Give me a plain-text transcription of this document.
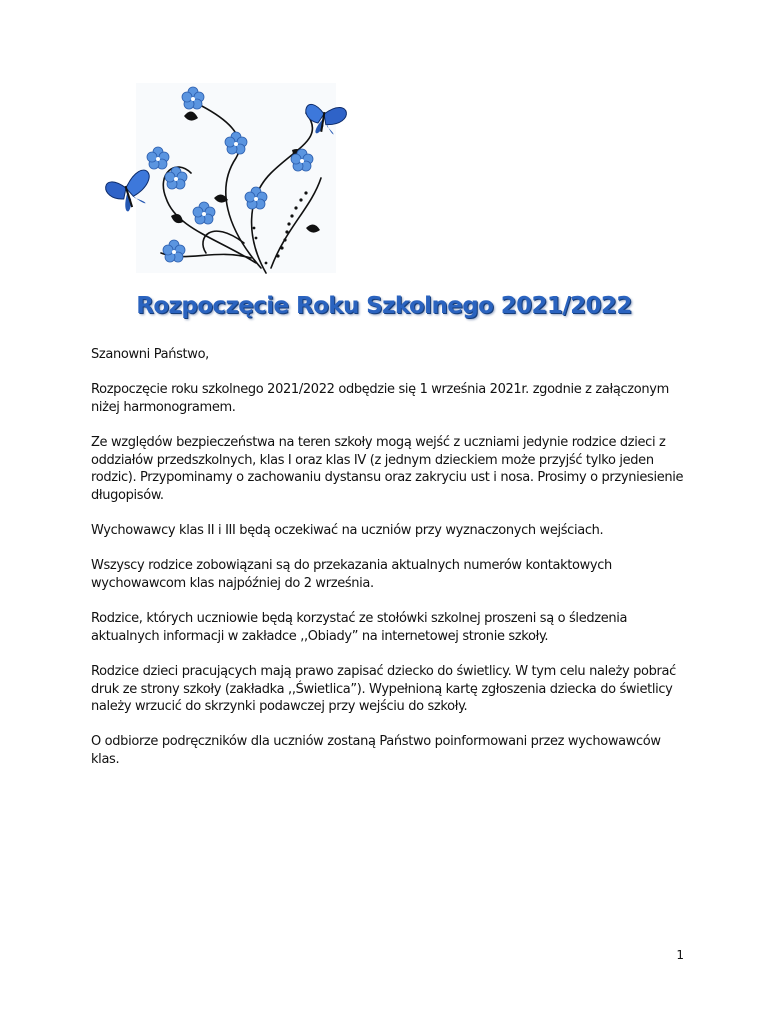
Rozpoczęcie Roku Szkolnego 2021/2022

Szanowni Państwo,

Rozpoczęcie roku szkolnego 2021/2022 odbędzie się 1 września 2021r. zgodnie z załączonym niżej harmonogramem.

Ze względów bezpieczeństwa na teren szkoły mogą wejść z uczniami jedynie rodzice dzieci z oddziałów przedszkolnych, klas I oraz klas IV (z jednym dzieckiem może przyjść tylko jeden rodzic). Przypominamy o zachowaniu dystansu oraz zakryciu ust i nosa. Prosimy o przyniesienie długopisów.

Wychowawcy klas II i III będą oczekiwać na uczniów przy wyznaczonych wejściach.

Wszyscy rodzice zobowiązani są do przekazania aktualnych numerów kontaktowych wychowawcom klas najpóźniej do 2 września.

Rodzice, których uczniowie będą korzystać ze stołówki szkolnej proszeni są o śledzenia aktualnych informacji w zakładce ,,Obiady” na internetowej stronie szkoły.

Rodzice dzieci pracujących mają prawo zapisać dziecko do świetlicy. W tym celu należy pobrać druk ze strony szkoły (zakładka ,,Świetlica”). Wypełnioną kartę zgłoszenia dziecka do świetlicy należy wrzucić do skrzynki podawczej przy wejściu do szkoły.

O odbiorze podręczników dla uczniów zostaną Państwo poinformowani przez wychowawców klas.

1
